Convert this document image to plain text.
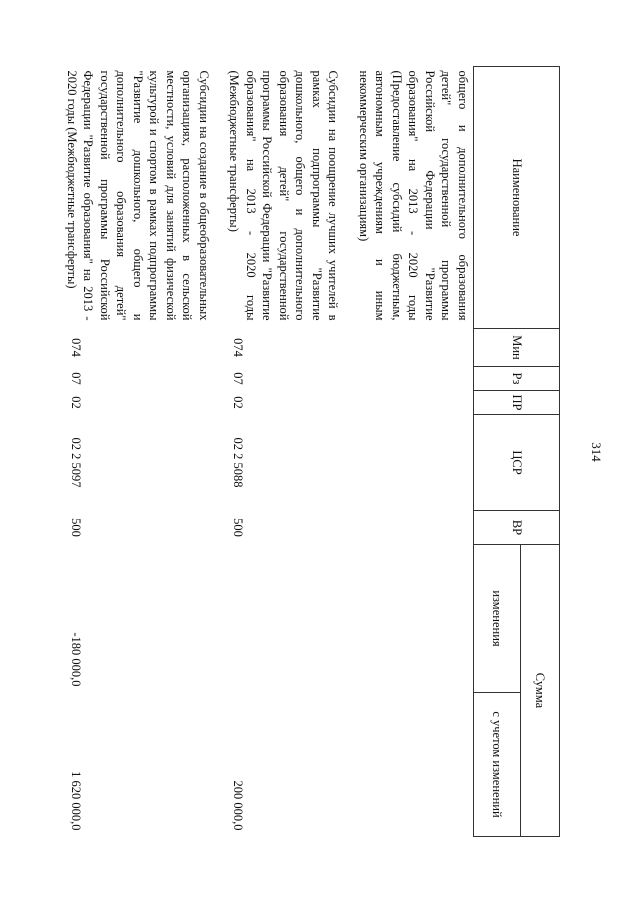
314
Наименование	Мин	Рз	ПР	ЦСР	ВР	Сумма	
						изменения	с учетом изменений
общего и дополнительного образования детей" государственной программы Российской Федерации "Развитие образования" на 2013 - 2020 годы (Предоставление субсидий бюджетным, автономным учреждениям и иным некоммерческим организациям)							
Субсидии на поощрение лучших учителей в рамках подпрограммы "Развитие дошкольного, общего и дополнительного образования детей" государственной программы Российской Федерации "Развитие образования" на 2013 - 2020 годы (Межбюджетные трансферты)	074	07	02	02 2 5088	500		200 000,0
Субсидии на создание в общеобразовательных организациях, расположенных в сельской местности, условий для занятий физической культурой и спортом в рамках подпрограммы "Развитие дошкольного, общего и дополнительного образования детей" государственной программы Российской Федерации "Развитие образования" на 2013 - 2020 годы (Межбюджетные трансферты)	074	07	02	02 2 5097	500	-180 000,0	1 620 000,0
